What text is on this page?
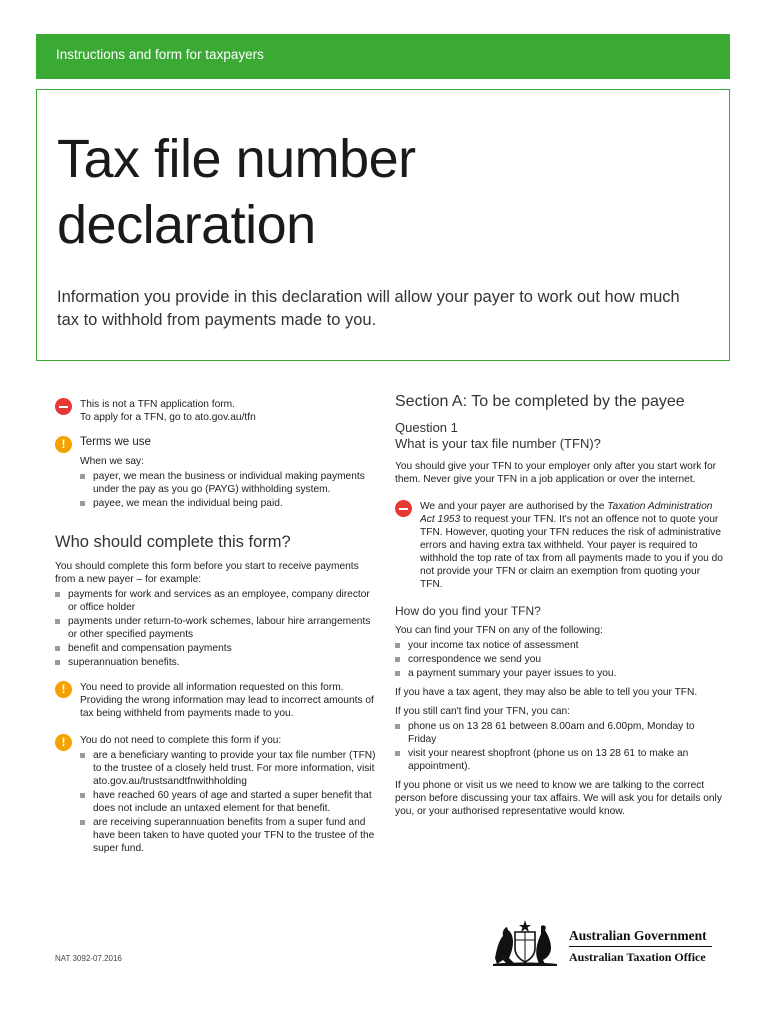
Instructions and form for taxpayers
Tax file number
declaration
Information you provide in this declaration will allow your payer to work out how much tax to withhold from payments made to you.
This is not a TFN application form.
To apply for a TFN, go to ato.gov.au/tfn
!	Terms we use
When we say:
payer, we mean the business or individual making payments under the pay as you go (PAYG) withholding system.
payee, we mean the individual being paid.
Who should complete this form?
You should complete this form before you start to receive payments from a new payer – for example:
payments for work and services as an employee, company director or office holder
payments under return-to-work schemes, labour hire arrangements or other specified payments
benefit and compensation payments
superannuation benefits.
!	You need to provide all information requested on this form. Providing the wrong information may lead to incorrect amounts of tax being withheld from payments made to you.
!	You do not need to complete this form if you:
are a beneficiary wanting to provide your tax file number (TFN) to the trustee of a closely held trust. For more information, visit ato.gov.au/trustsandtfnwithholding
have reached 60 years of age and started a super benefit that does not include an untaxed element for that benefit.
are receiving superannuation benefits from a super fund and have been taken to have quoted your TFN to the trustee of the super fund.
NAT 3092-07.2016
Section A: To be completed by the payee
Question 1
What is your tax file number (TFN)?
You should give your TFN to your employer only after you start work for them. Never give your TFN in a job application or over the internet.
We and your payer are authorised by the Taxation Administration Act 1953 to request your TFN. It's not an offence not to quote your TFN. However, quoting your TFN reduces the risk of administrative errors and having extra tax withheld. Your payer is required to withhold the top rate of tax from all payments made to you if you do not provide your TFN or claim an exemption from quoting your TFN.
How do you find your TFN?
You can find your TFN on any of the following:
your income tax notice of assessment
correspondence we send you
a payment summary your payer issues to you.
If you have a tax agent, they may also be able to tell you your TFN.
If you still can't find your TFN, you can:
phone us on 13 28 61 between 8.00am and 6.00pm, Monday to Friday
visit your nearest shopfront (phone us on 13 28 61 to make an appointment).
If you phone or visit us we need to know we are talking to the correct person before discussing your tax affairs. We will ask you for details only you, or your authorised representative would know.
Australian Government
Australian Taxation Office
